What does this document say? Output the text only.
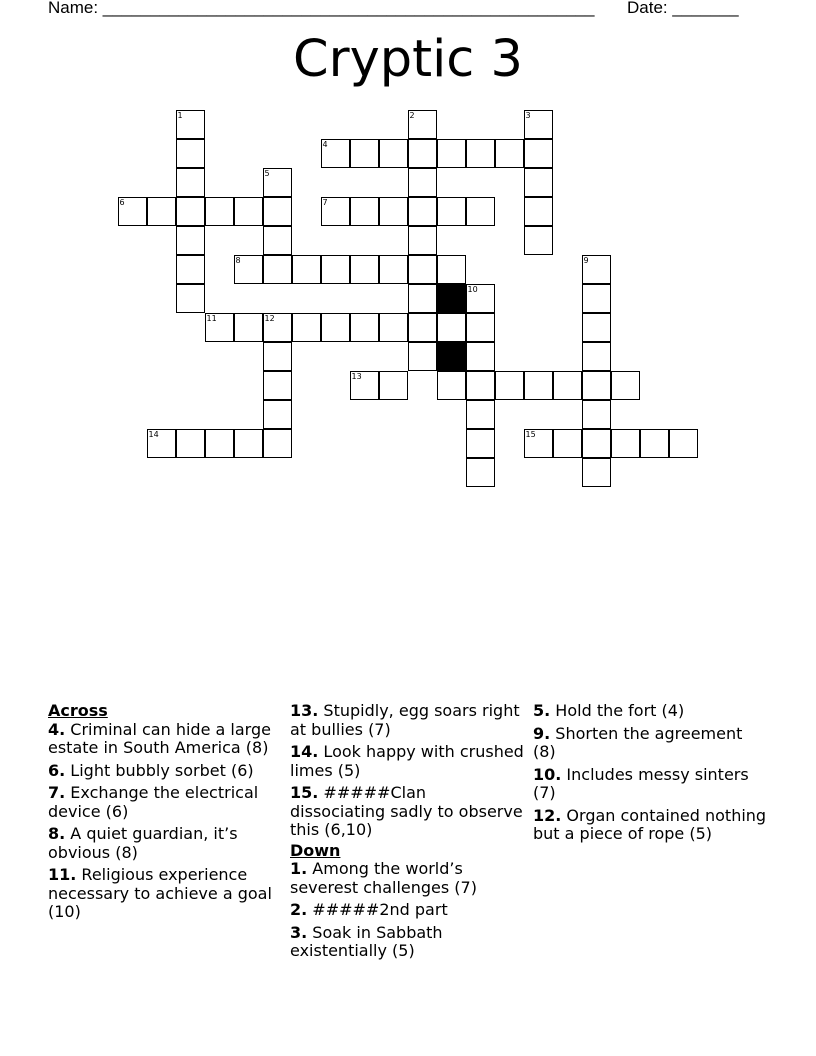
Name: ____________________________________________________ Date: _______
Cryptic 3
1
4
2	3
5
6	7
8	9
10
11	12
13
14	15
Across
4. Criminal can hide a large estate in South America (8)
6. Light bubbly sorbet (6)
7. Exchange the electrical device (6)
8. A quiet guardian, it’s obvious (8)
11. Religious experience necessary to achieve a goal (10)
13. Stupidly, egg soars right at bullies (7)
14. Look happy with crushed limes (5)
15. #####Clan dissociating sadly to observe this (6,10)
Down
1. Among the world’s severest challenges (7)
2. #####2nd part
3. Soak in Sabbath existentially (5)
5. Hold the fort (4)
9. Shorten the agreement (8)
10. Includes messy sinters (7)
12. Organ contained nothing but a piece of rope (5)
